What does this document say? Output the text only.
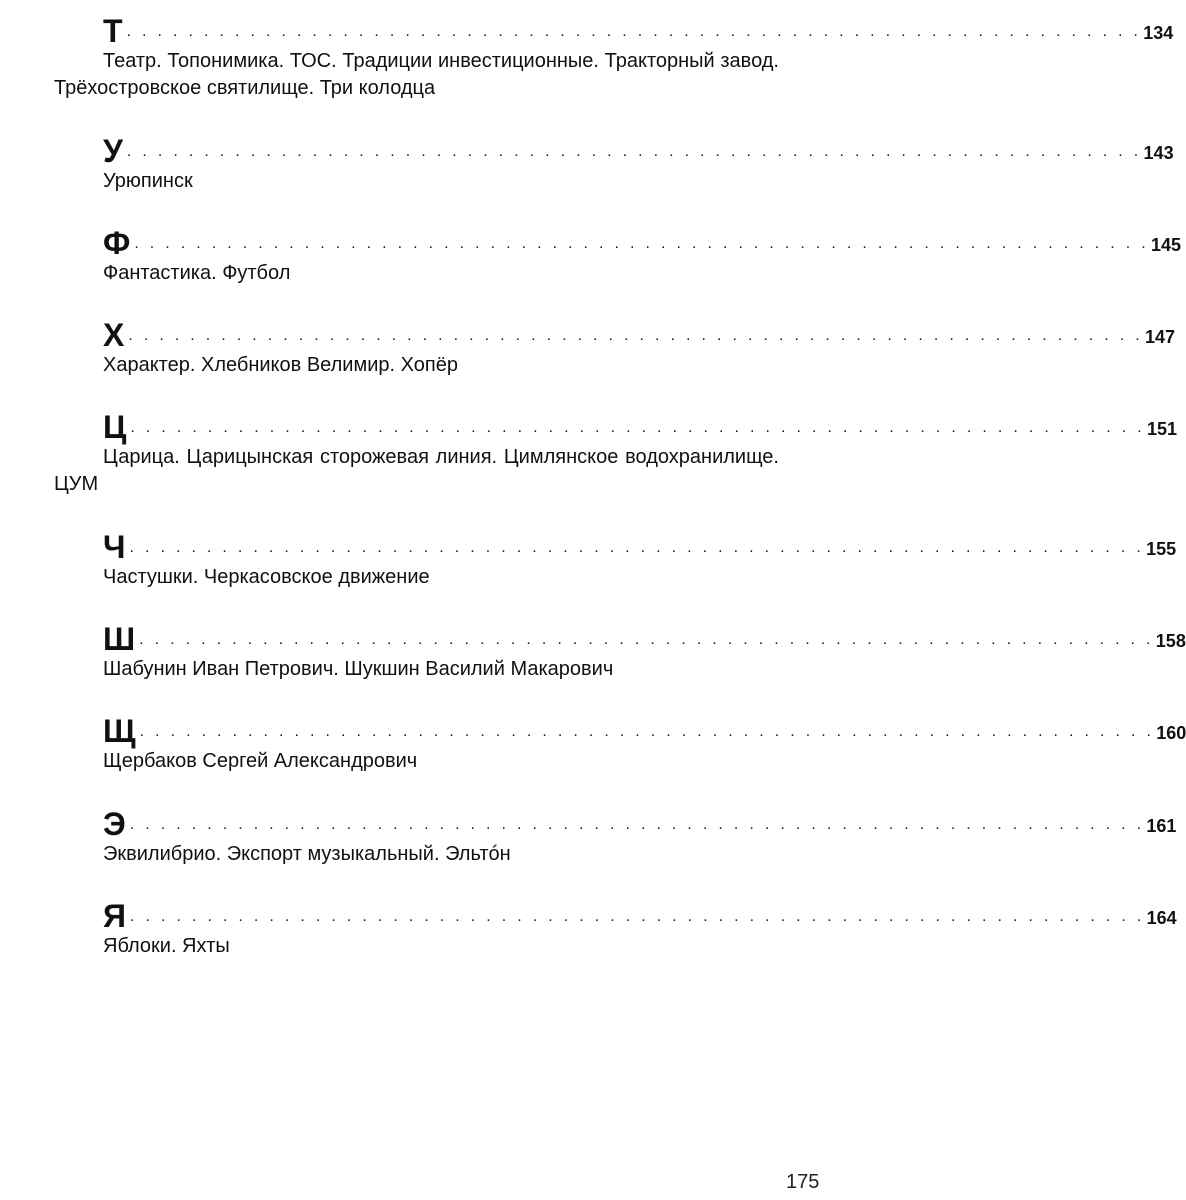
Т . . . . . . . . . . . . . . . . . . . . . . . . . . . . . . . . . . . . . . . . . . . . . . . . . . . . . . . . . . . . . . . . . . 134

Театр. Топонимика. ТОС. Традиции инвестиционные. Тракторный завод. Трёхостровское святилище. Три колодца

У . . . . . . . . . . . . . . . . . . . . . . . . . . . . . . . . . . . . . . . . . . . . . . . . . . . . . . . . . . . . . . . . . . 143

Урюпинск

Ф . . . . . . . . . . . . . . . . . . . . . . . . . . . . . . . . . . . . . . . . . . . . . . . . . . . . . . . . . . . . . . . . . . 145

Фантастика. Футбол

Х . . . . . . . . . . . . . . . . . . . . . . . . . . . . . . . . . . . . . . . . . . . . . . . . . . . . . . . . . . . . . . . . . . 147

Характер. Хлебников Велимир. Хопёр

Ц . . . . . . . . . . . . . . . . . . . . . . . . . . . . . . . . . . . . . . . . . . . . . . . . . . . . . . . . . . . . . . . . . . 151

Царица. Царицынская сторожевая линия. Цимлянское водохранилище. ЦУМ

Ч . . . . . . . . . . . . . . . . . . . . . . . . . . . . . . . . . . . . . . . . . . . . . . . . . . . . . . . . . . . . . . . . . . 155

Частушки. Черкасовское движение

Ш . . . . . . . . . . . . . . . . . . . . . . . . . . . . . . . . . . . . . . . . . . . . . . . . . . . . . . . . . . . . . . . . . . 158

Шабунин Иван Петрович. Шукшин Василий Макарович

Щ . . . . . . . . . . . . . . . . . . . . . . . . . . . . . . . . . . . . . . . . . . . . . . . . . . . . . . . . . . . . . . . . . . 160

Щербаков Сергей Александрович

Э . . . . . . . . . . . . . . . . . . . . . . . . . . . . . . . . . . . . . . . . . . . . . . . . . . . . . . . . . . . . . . . . . . 161

Эквилибрио. Экспорт музыкальный. Эльтóн

Я . . . . . . . . . . . . . . . . . . . . . . . . . . . . . . . . . . . . . . . . . . . . . . . . . . . . . . . . . . . . . . . . . . 164

Яблоки. Яхты

175
